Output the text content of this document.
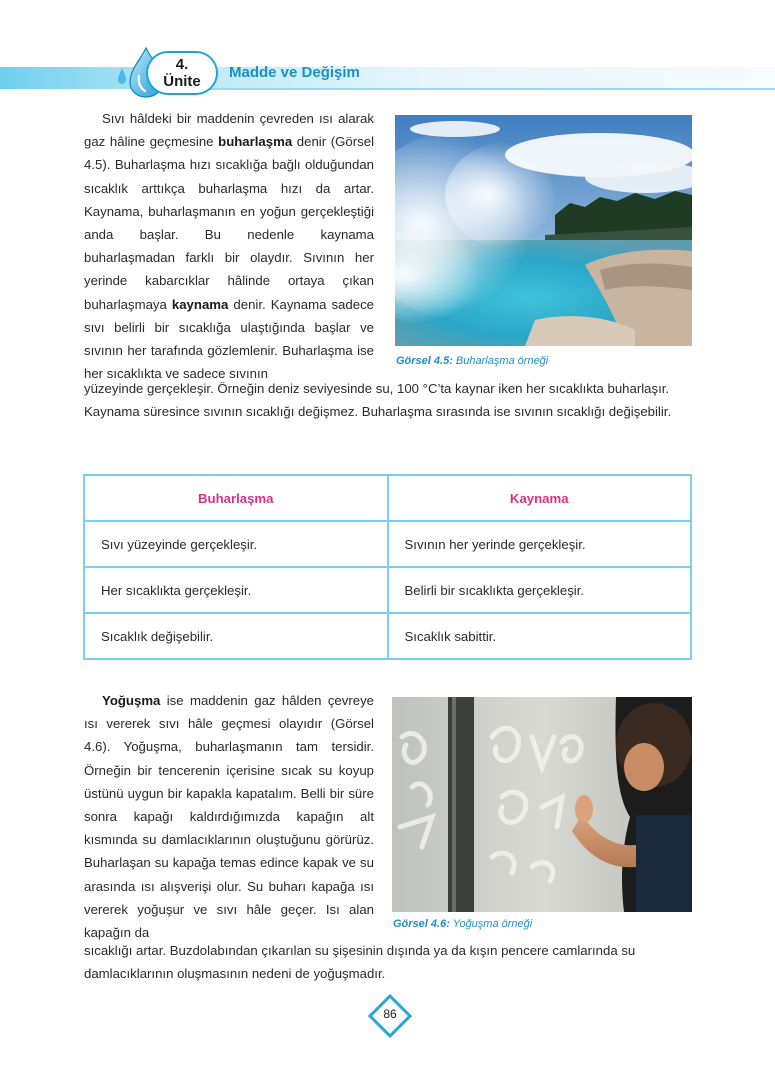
4.
Ünite
Madde ve Değişim
Sıvı hâldeki bir maddenin çevreden ısı alarak gaz hâline geçmesine buharlaşma denir (Görsel 4.5). Buharlaşma hızı sıcaklığa bağlı olduğundan sıcaklık arttıkça buharlaşma hızı da artar. Kaynama, buharlaşmanın en yoğun gerçekleştiği anda başlar. Bu nedenle kaynama buharlaşmadan farklı bir olaydır. Sıvının her yerinde kabarcıklar hâlinde ortaya çıkan buharlaşmaya kaynama denir. Kaynama sadece sıvı belirli bir sıcaklığa ulaştığında başlar ve sıvının her tarafında gözlemlenir. Buharlaşma ise her sıcaklıkta ve sadece sıvının
Görsel 4.5: Buharlaşma örneği
yüzeyinde gerçekleşir. Örneğin deniz seviyesinde su, 100 °C’ta kaynar iken her sıcaklıkta buharlaşır. Kaynama süresince sıvının sıcaklığı değişmez. Buharlaşma sırasında ise sıvının sıcaklığı değişebilir.
Buharlaşma	Kaynama
Sıvı yüzeyinde gerçekleşir.	Sıvının her yerinde gerçekleşir.
Her sıcaklıkta gerçekleşir.	Belirli bir sıcaklıkta gerçekleşir.
Sıcaklık değişebilir.	Sıcaklık sabittir.
Yoğuşma ise maddenin gaz hâlden çevreye ısı vererek sıvı hâle geçmesi olayıdır (Görsel 4.6). Yoğuşma, buharlaşmanın tam tersidir. Örneğin bir tencerenin içerisine sıcak su koyup üstünü uygun bir kapakla kapatalım. Belli bir süre sonra kapağı kaldırdığımızda kapağın alt kısmında su damlacıklarının oluştuğunu görürüz. Buharlaşan su kapağa temas edince kapak ve su arasında ısı alışverişi olur. Su buharı kapağa ısı vererek yoğuşur ve sıvı hâle geçer. Isı alan kapağın da
Görsel 4.6: Yoğuşma örneği
sıcaklığı artar. Buzdolabından çıkarılan su şişesinin dışında ya da kışın pencere camlarında su damlacıklarının oluşmasının nedeni de yoğuşmadır.
86
